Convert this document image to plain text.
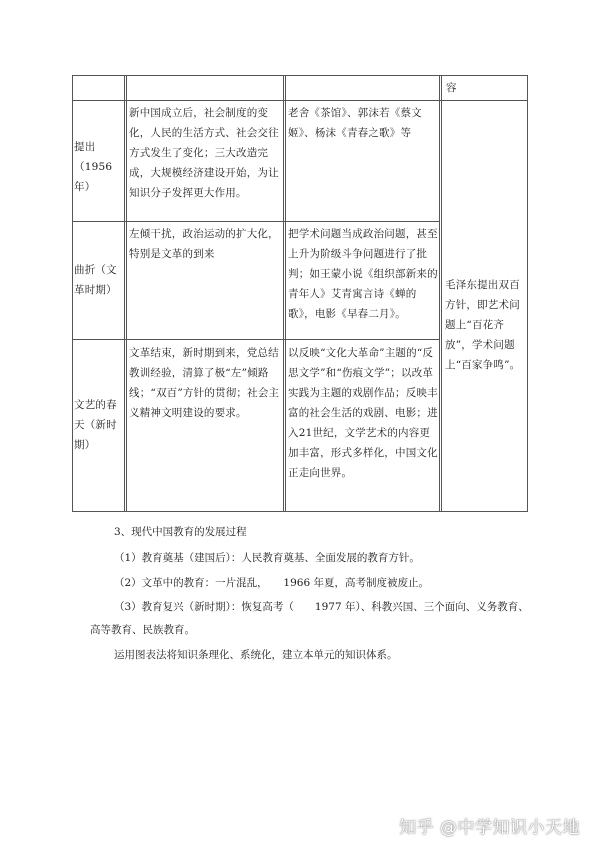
容
提出（1956年）
新中国成立后，社会制度的变化，人民的生活方式、社会交往方式发生了变化；三大改造完成，大规模经济建设开始，为让知识分子发挥更大作用。
老舍《茶馆》、郭沫若《蔡文姬》、杨沫《青春之歌》等
曲折（文革时期）
左倾干扰，政治运动的扩大化，特别是文革的到来
把学术问题当成政治问题，甚至上升为阶级斗争问题进行了批判；如王蒙小说《组织部新来的青年人》艾青寓言诗《蝉的歌》，电影《早春二月》。
文艺的春天（新时期）
文革结束，新时期到来，党总结教训经验，清算了极“左”倾路线；“双百”方针的贯彻；社会主义精神文明建设的要求。
以反映“文化大革命”主题的“反思文学”和“伤痕文学”；以改革实践为主题的戏剧作品；反映丰富的社会生活的戏剧、电影；进入21世纪，文学艺术的内容更加丰富，形式多样化，中国文化正走向世界。
毛泽东提出双百方针，即艺术问题上“百花齐放”，学术问题上“百家争鸣”。
3、现代中国教育的发展过程
（1）教育奠基（建国后）：人民教育奠基、全面发展的教育方针。
（2）文革中的教育：一片混乱，　　1966 年夏，高考制度被废止。
（3）教育复兴（新时期）：恢复高考（　　1977 年）、科教兴国、三个面向、义务教育、
高等教育、民族教育。
运用图表法将知识条理化、系统化，建立本单元的知识体系。
知乎 @中学知识小天地
